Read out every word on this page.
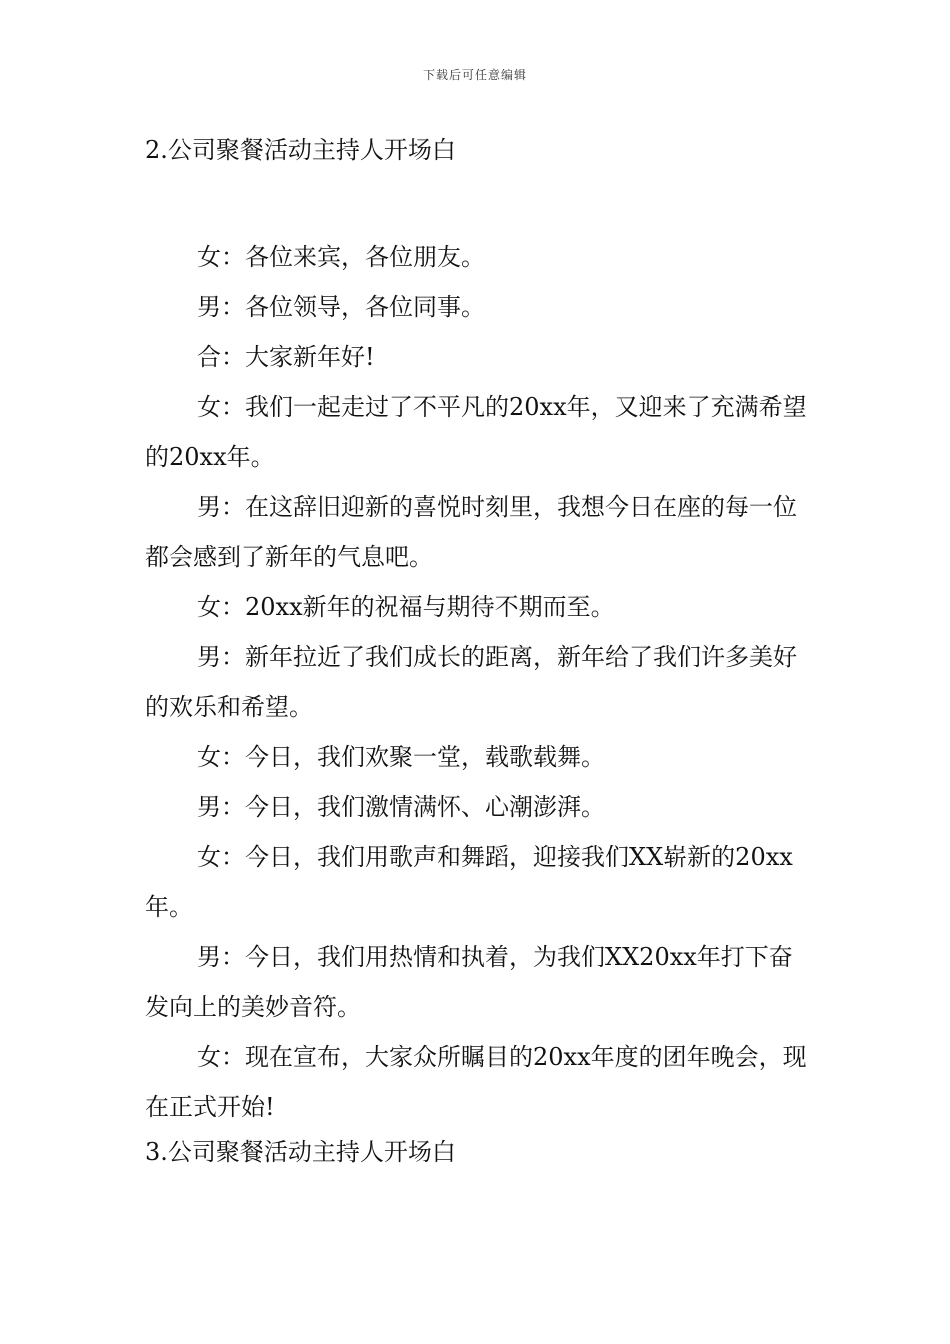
下载后可任意编辑
2.公司聚餐活动主持人开场白

女：各位来宾，各位朋友。

男：各位领导，各位同事。

合：大家新年好!

女：我们一起走过了不平凡的20xx年，又迎来了充满希望的20xx年。

男：在这辞旧迎新的喜悦时刻里，我想今日在座的每一位都会感到了新年的气息吧。

女：20xx新年的祝福与期待不期而至。

男：新年拉近了我们成长的距离，新年给了我们许多美好的欢乐和希望。

女：今日，我们欢聚一堂，载歌载舞。

男：今日，我们激情满怀、心潮澎湃。

女：今日，我们用歌声和舞蹈，迎接我们XX崭新的20xx年。

男：今日，我们用热情和执着，为我们XX20xx年打下奋发向上的美妙音符。

女：现在宣布，大家众所瞩目的20xx年度的团年晚会，现在正式开始!

3.公司聚餐活动主持人开场白
